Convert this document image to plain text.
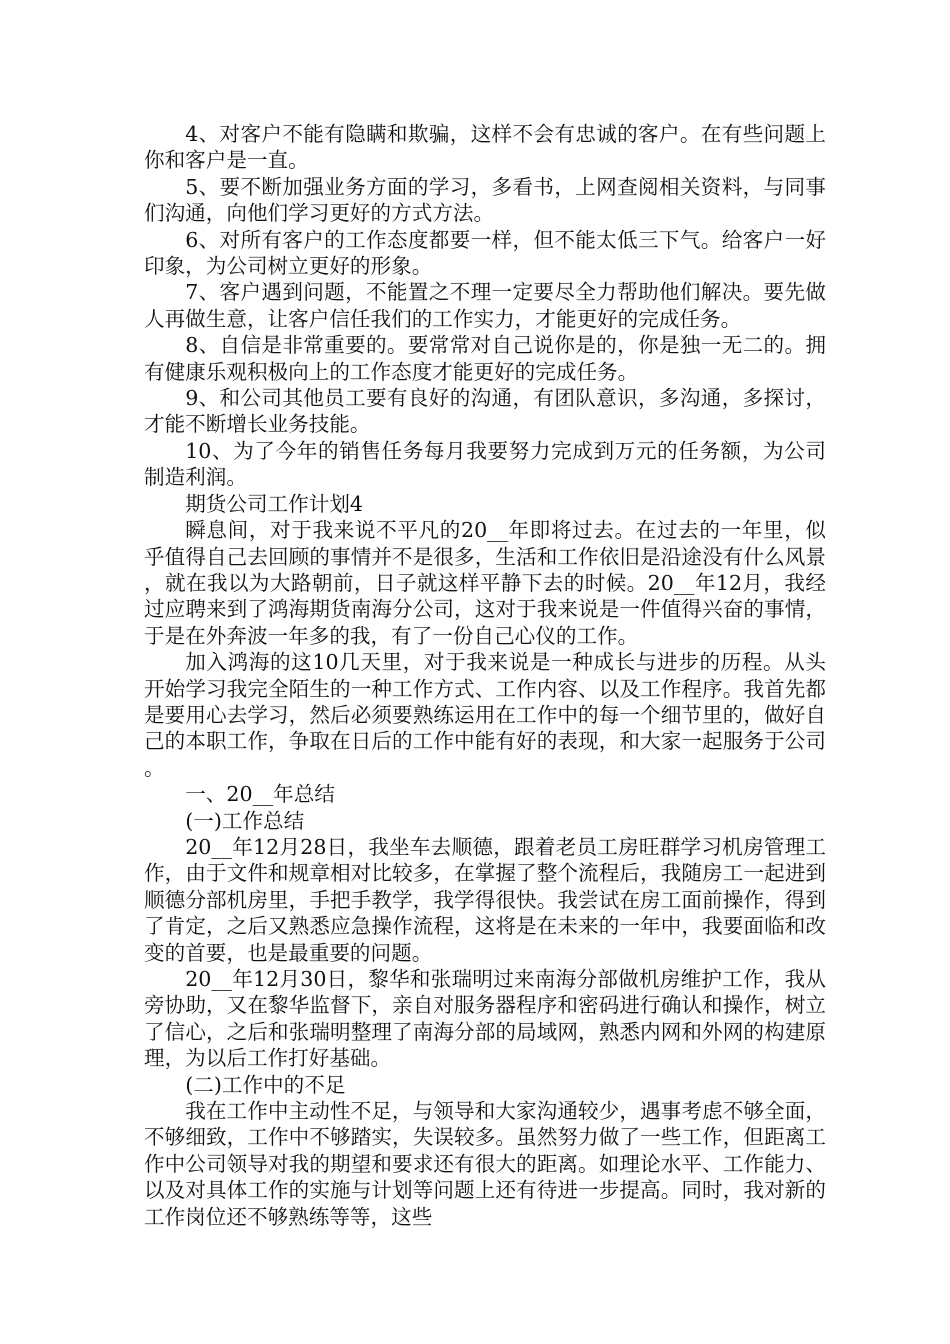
4、对客户不能有隐瞒和欺骗，这样不会有忠诚的客户。在有些问题上你和客户是一直。

5、要不断加强业务方面的学习，多看书，上网查阅相关资料，与同事们沟通，向他们学习更好的方式方法。

6、对所有客户的工作态度都要一样，但不能太低三下气。给客户一好印象，为公司树立更好的形象。

7、客户遇到问题，不能置之不理一定要尽全力帮助他们解决。要先做人再做生意，让客户信任我们的工作实力，才能更好的完成任务。

8、自信是非常重要的。要常常对自己说你是的，你是独一无二的。拥有健康乐观积极向上的工作态度才能更好的完成任务。

9、和公司其他员工要有良好的沟通，有团队意识，多沟通，多探讨，才能不断增长业务技能。

10、为了今年的销售任务每月我要努力完成到万元的任务额，为公司制造利润。

期货公司工作计划4

瞬息间，对于我来说不平凡的20__年即将过去。在过去的一年里，似乎值得自己去回顾的事情并不是很多，生活和工作依旧是沿途没有什么风景，就在我以为大路朝前，日子就这样平静下去的时候。20__年12月，我经过应聘来到了鸿海期货南海分公司，这对于我来说是一件值得兴奋的事情，于是在外奔波一年多的我，有了一份自己心仪的工作。

加入鸿海的这10几天里，对于我来说是一种成长与进步的历程。从头开始学习我完全陌生的一种工作方式、工作内容、以及工作程序。我首先都是要用心去学习，然后必须要熟练运用在工作中的每一个细节里的，做好自己的本职工作，争取在日后的工作中能有好的表现，和大家一起服务于公司。

一、20__年总结

(一)工作总结

20__年12月28日，我坐车去顺德，跟着老员工房旺群学习机房管理工作，由于文件和规章相对比较多，在掌握了整个流程后，我随房工一起进到顺德分部机房里，手把手教学，我学得很快。我尝试在房工面前操作，得到了肯定，之后又熟悉应急操作流程，这将是在未来的一年中，我要面临和改变的首要，也是最重要的问题。

20__年12月30日，黎华和张瑞明过来南海分部做机房维护工作，我从旁协助，又在黎华监督下，亲自对服务器程序和密码进行确认和操作，树立了信心，之后和张瑞明整理了南海分部的局域网，熟悉内网和外网的构建原理，为以后工作打好基础。

(二)工作中的不足

我在工作中主动性不足，与领导和大家沟通较少，遇事考虑不够全面，不够细致，工作中不够踏实，失误较多。虽然努力做了一些工作，但距离工作中公司领导对我的期望和要求还有很大的距离。如理论水平、工作能力、以及对具体工作的实施与计划等问题上还有待进一步提高。同时，我对新的工作岗位还不够熟练等等，这些
